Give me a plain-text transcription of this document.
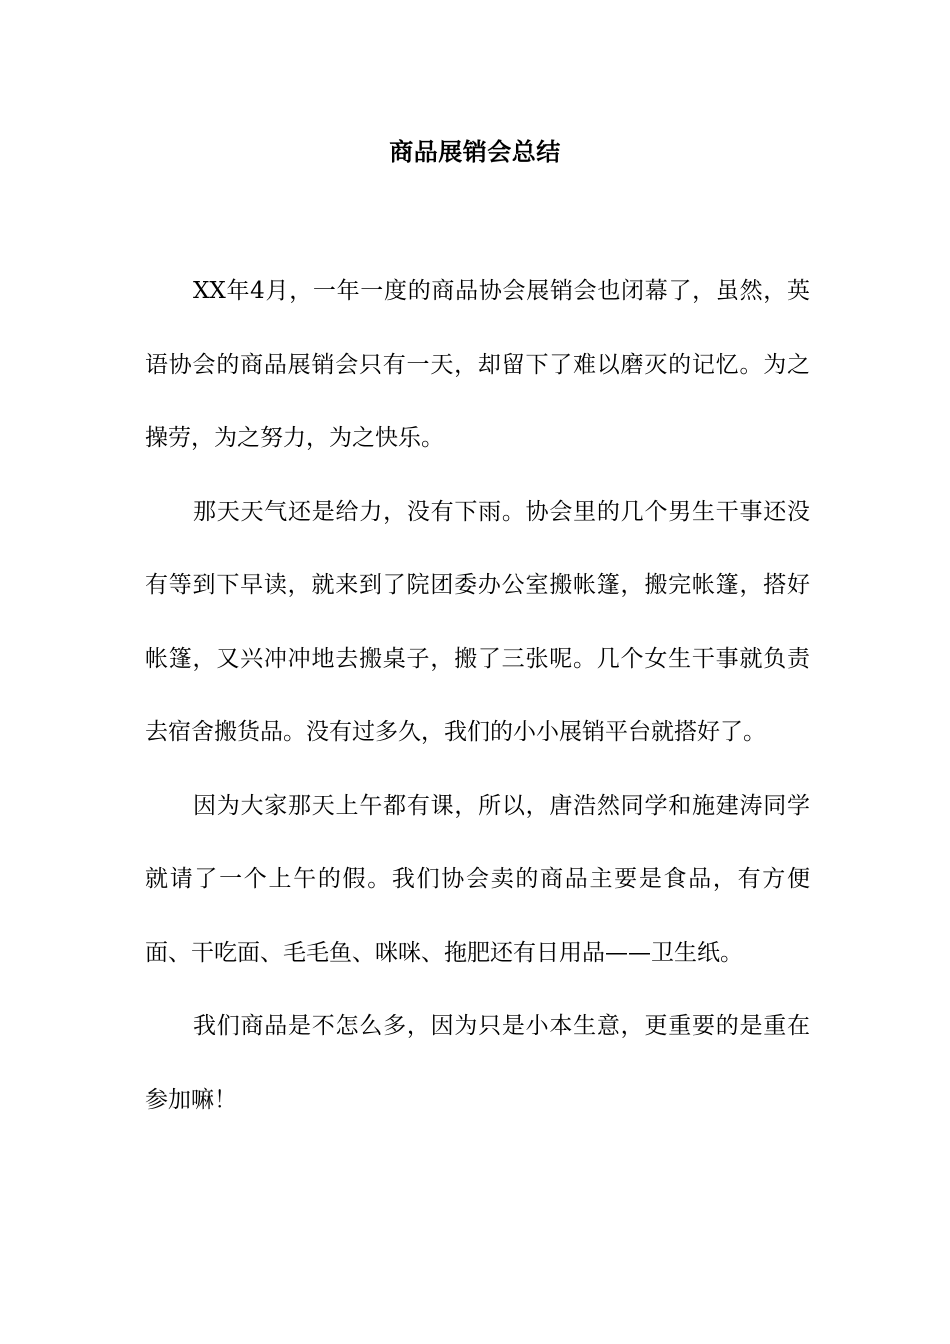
商品展销会总结

XX年4月，一年一度的商品协会展销会也闭幕了，虽然，英语协会的商品展销会只有一天，却留下了难以磨灭的记忆。为之操劳，为之努力，为之快乐。

那天天气还是给力，没有下雨。协会里的几个男生干事还没有等到下早读，就来到了院团委办公室搬帐篷，搬完帐篷，搭好帐篷，又兴冲冲地去搬桌子，搬了三张呢。几个女生干事就负责去宿舍搬货品。没有过多久，我们的小小展销平台就搭好了。

因为大家那天上午都有课，所以，唐浩然同学和施建涛同学就请了一个上午的假。我们协会卖的商品主要是食品，有方便面、干吃面、毛毛鱼、咪咪、拖肥还有日用品——卫生纸。

我们商品是不怎么多，因为只是小本生意，更重要的是重在参加嘛！
